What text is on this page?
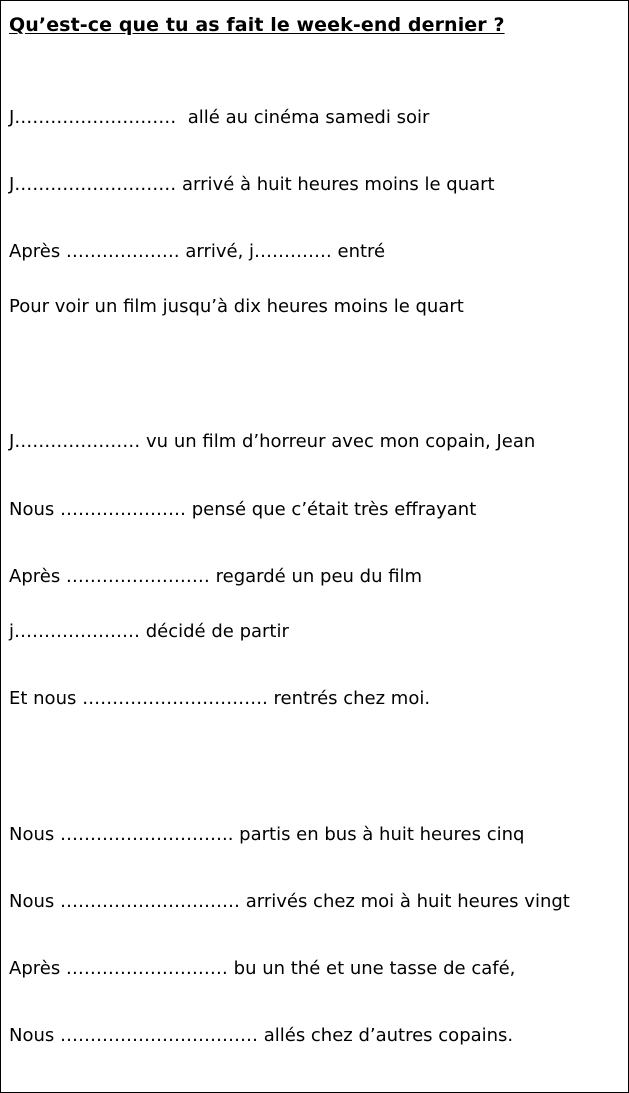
Qu’est-ce que tu as fait le week-end dernier ?

J………………………  allé au cinéma samedi soir

J……………………… arrivé à huit heures moins le quart

Après ………………. arrivé, j…………. entré

Pour voir un film jusqu’à dix heures moins le quart

J………………… vu un film d’horreur avec mon copain, Jean

Nous ………………… pensé que c’était très effrayant

Après …………………… regardé un peu du film

j………………… décidé de partir

Et nous …………………………. rentrés chez moi.

Nous ……………………….. partis en bus à huit heures cinq

Nous ………………………… arrivés chez moi à huit heures vingt

Après ……………………… bu un thé et une tasse de café,

Nous …………………………… allés chez d’autres copains.
